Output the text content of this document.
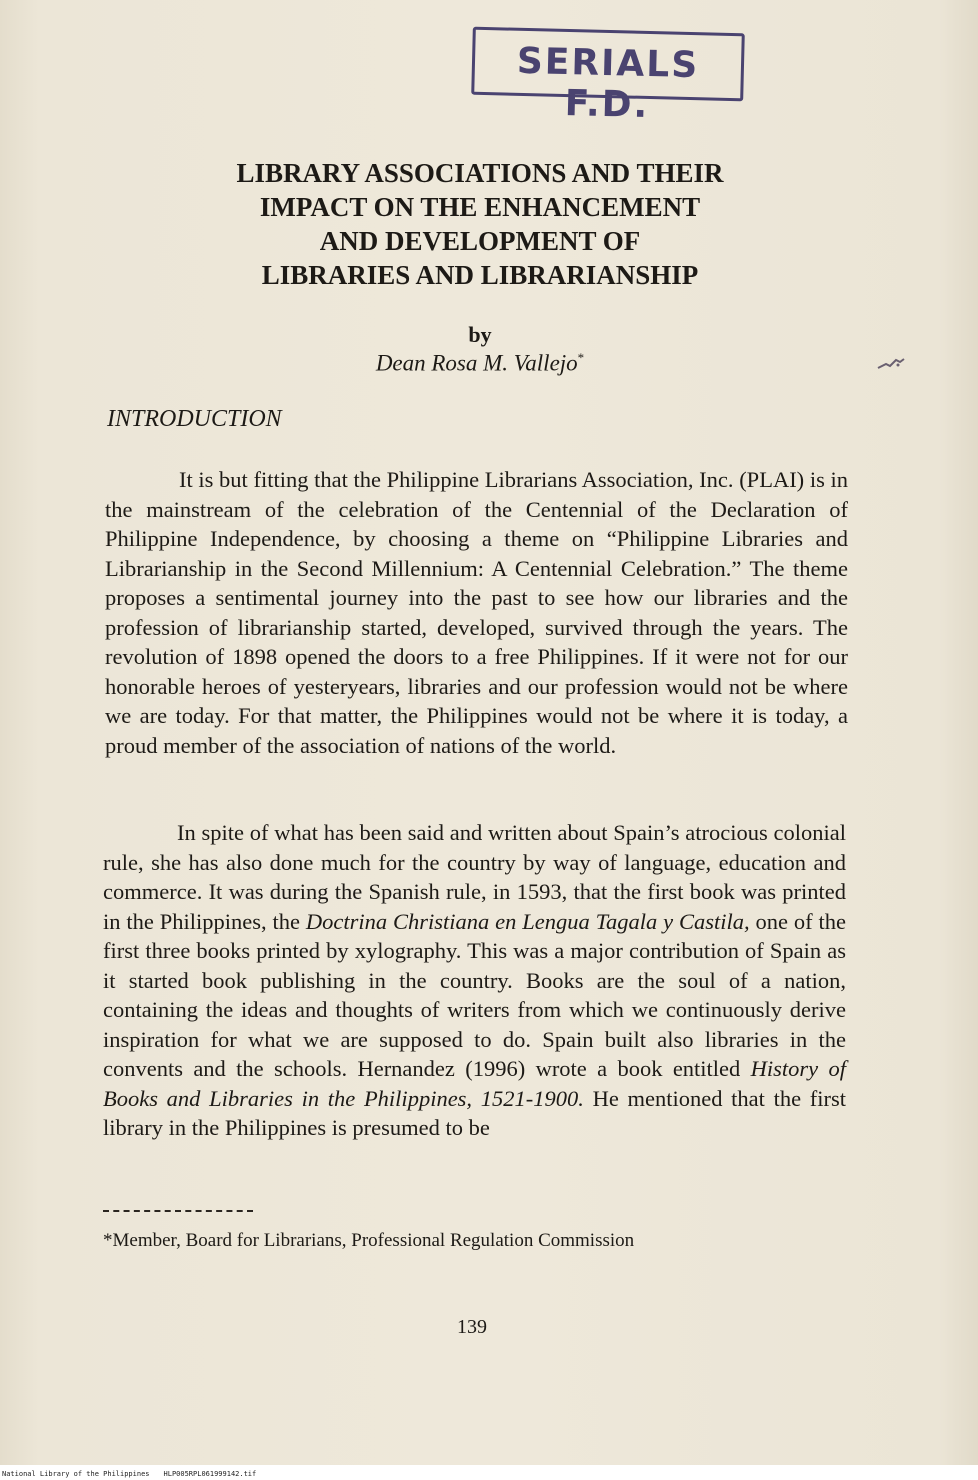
SERIALS F.D.
LIBRARY ASSOCIATIONS AND THEIR
IMPACT ON THE ENHANCEMENT
AND DEVELOPMENT OF
LIBRARIES AND LIBRARIANSHIP
by
Dean Rosa M. Vallejo*
INTRODUCTION

It is but fitting that the Philippine Librarians Association, Inc. (PLAI) is in the mainstream of the celebration of the Centennial of the Declaration of Philippine Independence, by choosing a theme on “Philippine Libraries and Librarianship in the Second Millennium: A Centennial Celebration.” The theme proposes a sentimental journey into the past to see how our libraries and the profession of librarianship started, developed, survived through the years. The revolution of 1898 opened the doors to a free Philippines. If it were not for our honorable heroes of yesteryears, libraries and our profession would not be where we are today. For that matter, the Philippines would not be where it is today, a proud member of the association of nations of the world.

In spite of what has been said and written about Spain’s atrocious colonial rule, she has also done much for the country by way of language, education and commerce. It was during the Spanish rule, in 1593, that the first book was printed in the Philippines, the Doctrina Christiana en Lengua Tagala y Castila, one of the first three books printed by xylography. This was a major contribution of Spain as it started book publishing in the country. Books are the soul of a nation, containing the ideas and thoughts of writers from which we continuously derive inspiration for what we are supposed to do. Spain built also libraries in the convents and the schools. Hernandez (1996) wrote a book entitled History of Books and Libraries in the Philippines, 1521-1900. He mentioned that the first library in the Philippines is presumed to be

*Member, Board for Librarians, Professional Regulation Commission

139
National Library of the Philippines HLP005RPL061999142.tif
